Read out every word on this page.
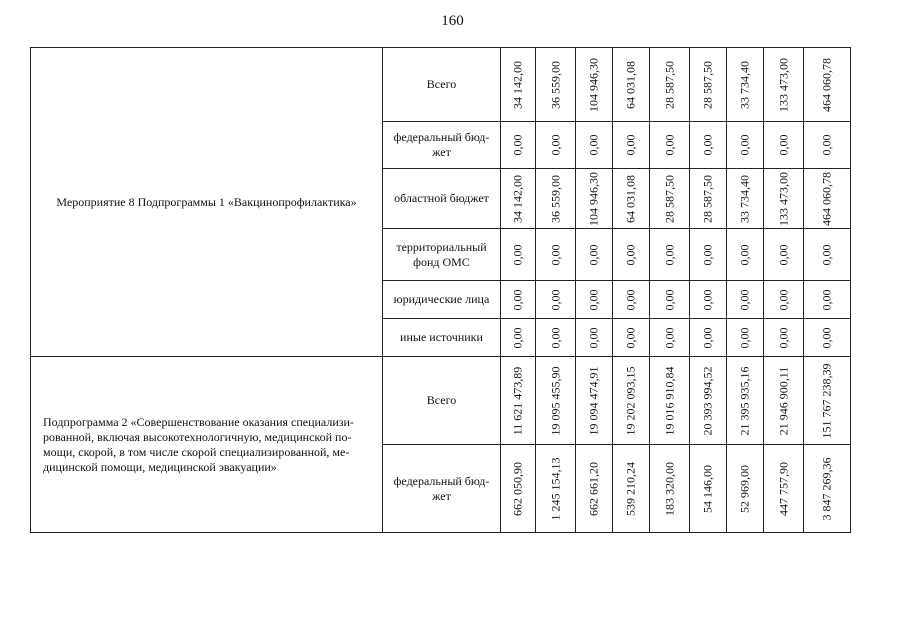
160
Мероприятие 8 Подпрограммы 1 «Вакцинопрофилактика»	Всего	34 142,00	36 559,00	104 946,30	64 031,08	28 587,50	28 587,50	33 734,40	133 473,00	464 060,78

	федеральный бюд-жет	0,00	0,00	0,00	0,00	0,00	0,00	0,00	0,00	0,00

	областной бюджет	34 142,00	36 559,00	104 946,30	64 031,08	28 587,50	28 587,50	33 734,40	133 473,00	464 060,78

	территориальный фонд ОМС	0,00	0,00	0,00	0,00	0,00	0,00	0,00	0,00	0,00

	юридические лица	0,00	0,00	0,00	0,00	0,00	0,00	0,00	0,00	0,00

	иные источники	0,00	0,00	0,00	0,00	0,00	0,00	0,00	0,00	0,00

Подпрограмма 2 «Совершенствование оказания специализи-рованной, включая высокотехнологичную, медицинской по-мощи, скорой, в том числе скорой специализированной, ме-дицинской помощи, медицинской эвакуации»	Всего	11 621 473,89	19 095 455,90	19 094 474,91	19 202 093,15	19 016 910,84	20 393 994,52	21 395 935,16	21 946 900,11	151 767 238,39

	федеральный бюд-жет	662 050,90	1 245 154,13	662 661,20	539 210,24	183 320,00	54 146,00	52 969,00	447 757,90	3 847 269,36
